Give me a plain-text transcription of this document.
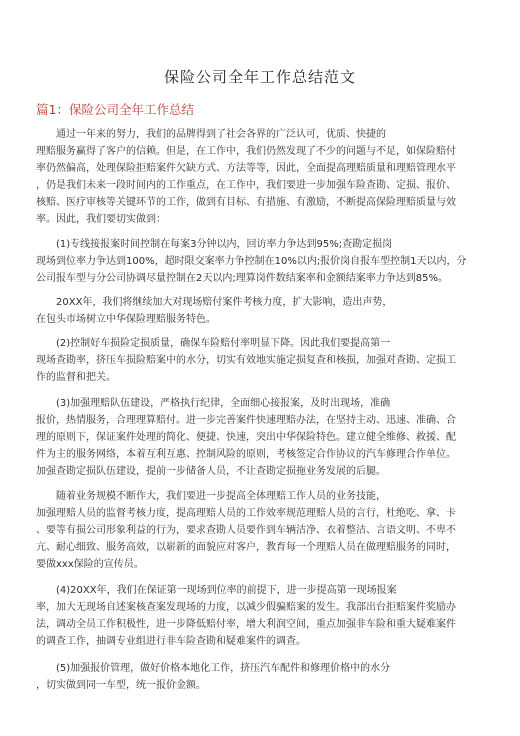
保险公司全年工作总结范文
篇1：保险公司全年工作总结
　　通过一年来的努力，我们的品牌得到了社会各界的广泛认可，优质、快捷的
理赔服务赢得了客户的信赖。但是，在工作中，我们仍然发现了不少的问题与不足，如保险赔付
率仍然偏高，处理保险拒赔案件欠缺方式、方法等等，因此，全面提高理赔质量和理赔管理水平
，仍是我们未来一段时间内的工作重点，在工作中，我们要进一步加强车险查勘、定损、报价、
核赔、医疗审核等关键环节的工作，做到有目标、有措施、有激励，不断提高保险理赔质量与效
率。因此，我们要切实做到：
　　(1)专线接报案时间控制在每案3分钟以内，回访率力争达到95%;查勘定损岗
现场到位率力争达到100%，超时限交案率力争控制在10%以内;报价岗自报车型控制1天以内，分
公司报车型与分公司协调尽量控制在2天以内;理算岗件数结案率和金额结案率力争达到85%。
　　20XX年，我们将继续加大对现场赔付案件考核力度，扩大影响，造出声势，
在包头市场树立中华保险理赔服务特色。
　　(2)控制好车损险定损质量，确保车险赔付率明显下降。因此我们要提高第一
现场查勘率，挤压车损险赔案中的水分，切实有效地实施定损复查和核损，加强对查勘、定损工
作的监督和把关。
　　(3)加强理赔队伍建设，严格执行纪律，全面细心接报案，及时出现场，准确
报价，热情服务，合理理算赔付。进一步完善案件快速理赔办法，在坚持主动、迅速、准确、合
理的原则下，保证案件处理的简化、便捷、快速，突出中华保险特色。建立健全维修、救援、配
件为主的服务网络，本着互利互惠、控制风险的原则，考核签定合作协议的汽车修理合作单位。
加强查勘定损队伍建设，提前一步储备人员，不让查勘定损拖业务发展的后腿。
　　随着业务规模不断作大，我们要进一步提高全体理赔工作人员的业务技能，
加强理赔人员的监督考核力度，提高理赔人员的工作效率规范理赔人员的言行，杜绝吃、拿、卡
、要等有损公司形象利益的行为，要求查勘人员要作到车辆洁净、衣着整洁、言语文明、不卑不
亢、耐心细致、服务高效，以崭新的面貌应对客户，教育每一个理赔人员在做理赔服务的同时，
要做xxx保险的宣传员。
　　(4)20XX年，我们在保证第一现场到位率的前提下，进一步提高第一现场报案
率，加大无现场自述案核查案发现场的力度，以减少假骗赔案的发生。我部出台拒赔案件奖励办
法，调动全员工作积极性，进一步降低赔付率，增大利润空间，重点加强非车险和重大疑难案件
的调查工作，抽调专业组进行非车险查勘和疑难案件的调查。
　　(5)加强报价管理，做好价格本地化工作，挤压汽车配件和修理价格中的水分
，切实做到同一车型，统一报价金额。
